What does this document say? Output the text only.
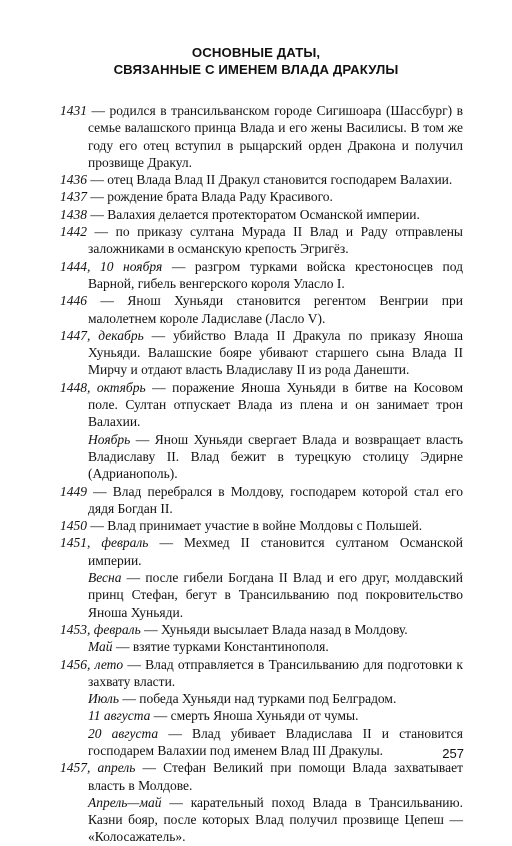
ОСНОВНЫЕ ДАТЫ,
СВЯЗАННЫЕ С ИМЕНЕМ ВЛАДА ДРАКУЛЫ

1431 — родился в трансильванском городе Сигишоара (Шассбург) в семье валашского принца Влада и его жены Василисы. В том же году его отец вступил в рыцарский орден Дракона и получил прозвище Дракул.

1436 — отец Влада Влад II Дракул становится господарем Валахии.

1437 — рождение брата Влада Раду Красивого.

1438 — Валахия делается протекторатом Османской империи.

1442 — по приказу султана Мурада II Влад и Раду отправлены заложниками в османскую крепость Эгригёз.

1444, 10 ноября — разгром турками войска крестоносцев под Варной, гибель венгерского короля Уласло I.

1446 — Янош Хуньяди становится регентом Венгрии при малолетнем короле Ладиславе (Ласло V).

1447, декабрь — убийство Влада II Дракула по приказу Яноша Хуньяди. Валашские бояре убивают старшего сына Влада II Мирчу и отдают власть Владиславу II из рода Данешти.

1448, октябрь — поражение Яноша Хуньяди в битве на Косовом поле. Султан отпускает Влада из плена и он занимает трон Валахии.

Ноябрь — Янош Хуньяди свергает Влада и возвращает власть Владиславу II. Влад бежит в турецкую столицу Эдирне (Адрианополь).

1449 — Влад перебрался в Молдову, господарем которой стал его дядя Богдан II.

1450 — Влад принимает участие в войне Молдовы с Польшей.

1451, февраль — Мехмед II становится султаном Османской империи.

Весна — после гибели Богдана II Влад и его друг, молдавский принц Стефан, бегут в Трансильванию под покровительство Яноша Хуньяди.

1453, февраль — Хуньяди высылает Влада назад в Молдову.

Май — взятие турками Константинополя.

1456, лето — Влад отправляется в Трансильванию для подготовки к захвату власти.

Июль — победа Хуньяди над турками под Белградом.

11 августа — смерть Яноша Хуньяди от чумы.

20 августа — Влад убивает Владислава II и становится господарем Валахии под именем Влад III Дракулы.

1457, апрель — Стефан Великий при помощи Влада захватывает власть в Молдове.

Апрель—май — карательный поход Влада в Трансильванию. Казни бояр, после которых Влад получил прозвище Цепеш — «Колосажатель».

257
